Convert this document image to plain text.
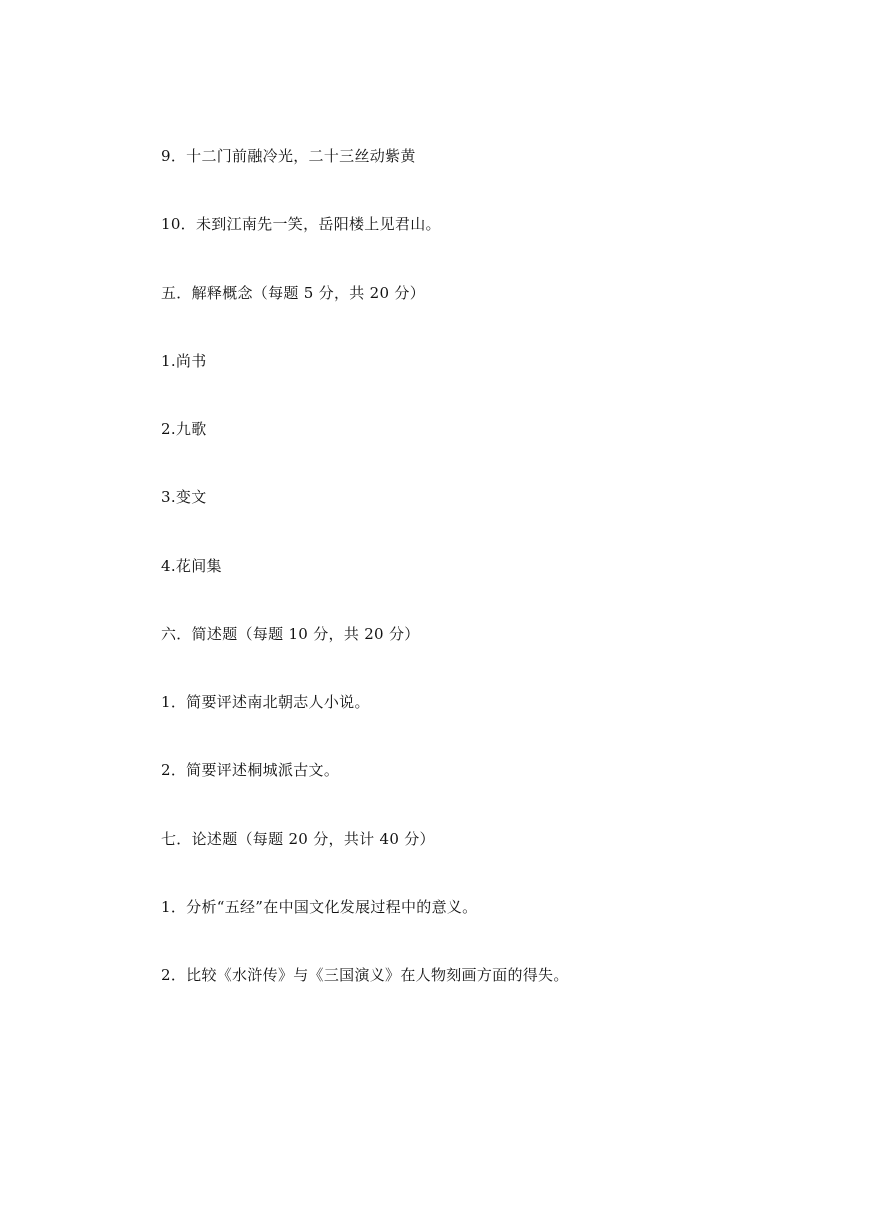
9．十二门前融冷光，二十三丝动紫黄
10．未到江南先一笑，岳阳楼上见君山。
五．解释概念（每题 5 分，共 20 分）
1.尚书
2.九歌
3.变文
4.花间集
六．简述题（每题 10 分，共 20 分）
1．简要评述南北朝志人小说。
2．简要评述桐城派古文。
七．论述题（每题 20 分，共计 40 分）
1．分析“五经”在中国文化发展过程中的意义。
2．比较《水浒传》与《三国演义》在人物刻画方面的得失。
